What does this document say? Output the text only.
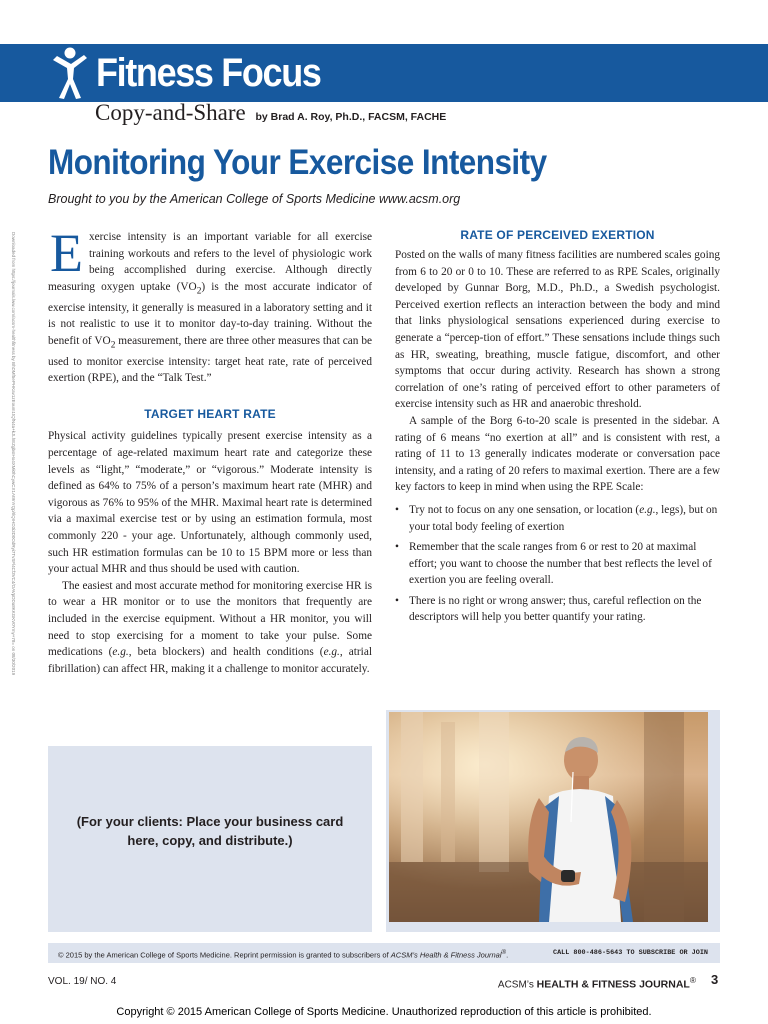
Fitness Focus
Copy-and-Share by Brad A. Roy, Ph.D., FACSM, FACHE
Monitoring Your Exercise Intensity
Brought to you by the American College of Sports Medicine www.acsm.org
Downloaded from https://journals.lww.com/acsm-healthfitness by BhDMf5ePHKav1zEoum1tQfN4a+kJLhEZgbsIHo4XMi0hCywCX1AWnYQp/IlQrHD3i3D0OdRyi7TvSFl4Cf3VC4/OAVpDDa8KKGKV0Ymy+78= on 08/30/2019 Exercise intensity is an important variable for all exercise training workouts and refers to the level of physiologic work being accomplished during exercise. Although directly measuring oxygen uptake $(VO_2)$ is the most accurate indicator of exercise intensity, it generally is measured in a laboratory setting and it is not realistic to use it to monitor day-to-day training. Without the benefit of $VO_2$ measurement, there are three other measures that can be used to monitor exercise intensity: target heat rate, rate of perceived exertion (RPE), and the “Talk Test.”

TARGET HEART RATE

Physical activity guidelines typically present exercise intensity as a percentage of age-related maximum heart rate and categorize these levels as “light,” “moderate,” or “vigorous.” Moderate intensity is defined as 64% to 75% of a person’s maximum heart rate (MHR) and vigorous as 76% to 95% of the MHR. Maximal heart rate is determined via a maximal exercise test or by using an estimation formula, most commonly 220 - your age. Unfortunately, although commonly used, such HR estimation formulas can be 10 to 15 BPM more or less than your actual MHR and thus should be used with caution.

The easiest and most accurate method for monitoring exercise HR is to wear a HR monitor or to use the monitors that frequently are included in the exercise equipment. Without a HR monitor, you will need to stop exercising for a moment to take your pulse. Some medications (e.g., beta blockers) and health conditions (e.g., atrial fibrillation) can affect HR, making it a challenge to monitor accurately.

RATE OF PERCEIVED EXERTION

Posted on the walls of many fitness facilities are numbered scales going from 6 to 20 or 0 to 10. These are referred to as RPE Scales, originally developed by Gunnar Borg, M.D., Ph.D., a Swedish psychologist. Perceived exertion reflects an interaction between the body and mind that links physiological sensations experienced during exercise to generate a “percep-tion of effort.” These sensations include things such as HR, sweating, breathing, muscle fatigue, discomfort, and other symptoms that occur during activity. Research has shown a strong correlation of one’s rating of perceived effort to other parameters of exercise intensity such as HR and anaerobic threshold.

A sample of the Borg 6-to-20 scale is presented in the sidebar. A rating of 6 means “no exertion at all” and is consistent with rest, a rating of 11 to 13 generally indicates moderate or conversation pace intensity, and a rating of 20 refers to maximal exertion. There are a few key factors to keep in mind when using the RPE Scale:

• Try not to focus on any one sensation, or location (e.g., legs), but on your total body feeling of exertion
• Remember that the scale ranges from 6 or rest to 20 at maximal effort; you want to choose the number that best reflects the level of exertion you are feeling overall.
• There is no right or wrong answer; thus, careful reflection on the descriptors will help you better quantify your rating.
(For your clients: Place your business card
here, copy, and distribute.)
© 2015 by the American College of Sports Medicine. Reprint permission is granted to subscribers of ACSM’s Health & Fitness Journal®.	CALL 800-486-5643 TO SUBSCRIBE OR JOIN
VOL. 19/ NO. 4	ACSM’s HEALTH & FITNESS JOURNAL® 3
Copyright © 2015 American College of Sports Medicine. Unauthorized reproduction of this article is prohibited.
